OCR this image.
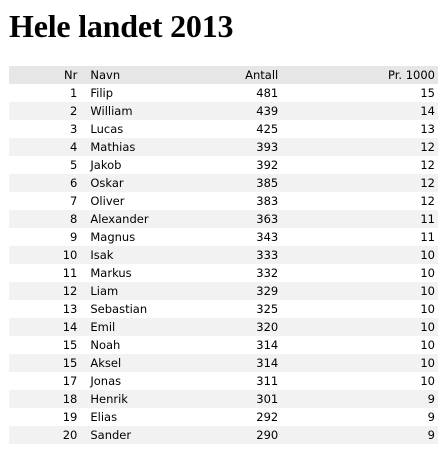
Hele landet 2013
Nr	Navn	Antall	Pr. 1000
1	Filip	481	15
2	William	439	14
3	Lucas	425	13
4	Mathias	393	12
5	Jakob	392	12
6	Oskar	385	12
7	Oliver	383	12
8	Alexander	363	11
9	Magnus	343	11
10	Isak	333	10
11	Markus	332	10
12	Liam	329	10
13	Sebastian	325	10
14	Emil	320	10
15	Noah	314	10
15	Aksel	314	10
17	Jonas	311	10
18	Henrik	301	9
19	Elias	292	9
20	Sander	290	9
